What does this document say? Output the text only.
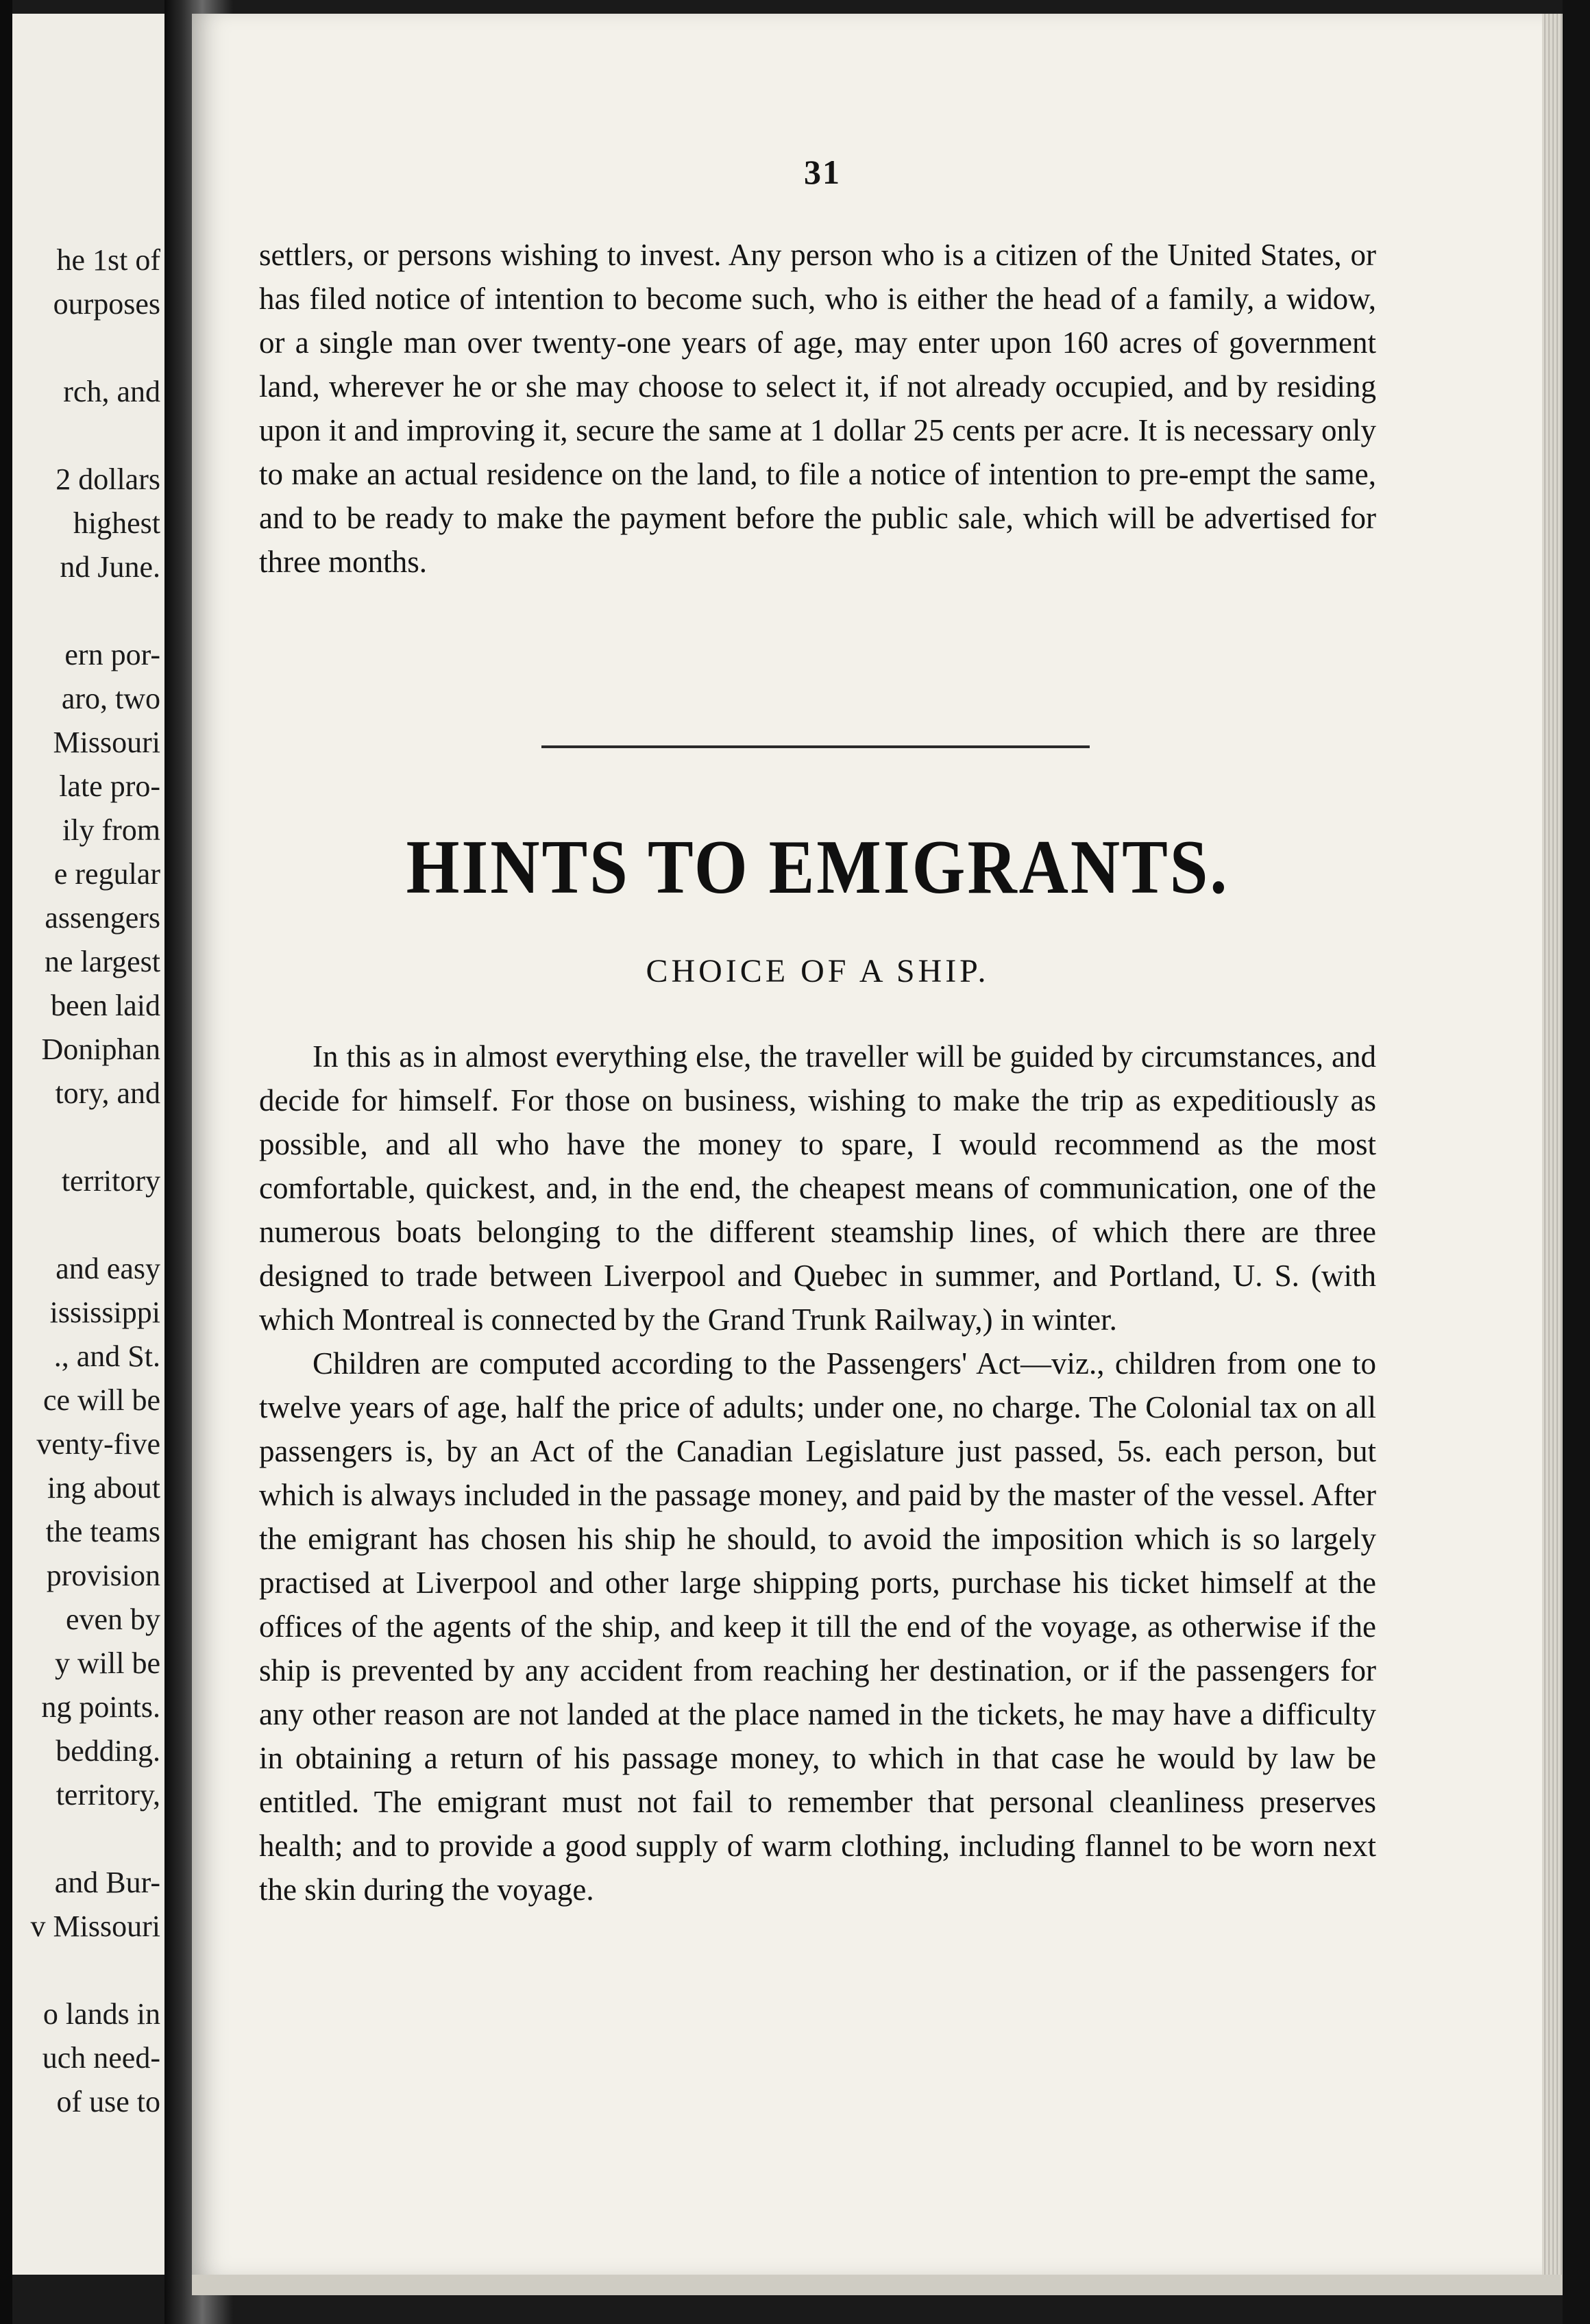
he 1st of
ourposes
rch, and
2 dollars
highest
nd June.
ern por-
aro, two
Missouri
late pro-
ily from
e regular
assengers
ne largest
been laid
Doniphan
tory, and
territory
and easy
ississippi
., and St.
ce will be
venty-five
ing about
the teams
provision
even by
y will be
ng points.
bedding.
territory,
and Bur-
v Missouri
o lands in
uch need-
of use to
31

settlers, or persons wishing to invest. Any person who is a citizen of the United States, or has filed notice of intention to become such, who is either the head of a family, a widow, or a single man over twenty-one years of age, may enter upon 160 acres of government land, wherever he or she may choose to select it, if not already occupied, and by residing upon it and improving it, secure the same at 1 dollar 25 cents per acre. It is necessary only to make an actual residence on the land, to file a notice of intention to pre-empt the same, and to be ready to make the payment before the public sale, which will be advertised for three months.

HINTS TO EMIGRANTS.
CHOICE OF A SHIP.

In this as in almost everything else, the traveller will be guided by circumstances, and decide for himself. For those on business, wishing to make the trip as expeditiously as possible, and all who have the money to spare, I would recommend as the most comfortable, quickest, and, in the end, the cheapest means of communication, one of the numerous boats belonging to the different steamship lines, of which there are three designed to trade between Liverpool and Quebec in summer, and Portland, U. S. (with which Montreal is connected by the Grand Trunk Railway,) in winter.

Children are computed according to the Passengers' Act—viz., children from one to twelve years of age, half the price of adults; under one, no charge. The Colonial tax on all passengers is, by an Act of the Canadian Legislature just passed, 5s. each person, but which is always included in the passage money, and paid by the master of the vessel. After the emigrant has chosen his ship he should, to avoid the imposition which is so largely practised at Liverpool and other large shipping ports, purchase his ticket himself at the offices of the agents of the ship, and keep it till the end of the voyage, as otherwise if the ship is prevented by any accident from reaching her destination, or if the passengers for any other reason are not landed at the place named in the tickets, he may have a difficulty in obtaining a return of his passage money, to which in that case he would by law be entitled. The emigrant must not fail to remember that personal cleanliness preserves health; and to provide a good supply of warm clothing, including flannel to be worn next the skin during the voyage.
